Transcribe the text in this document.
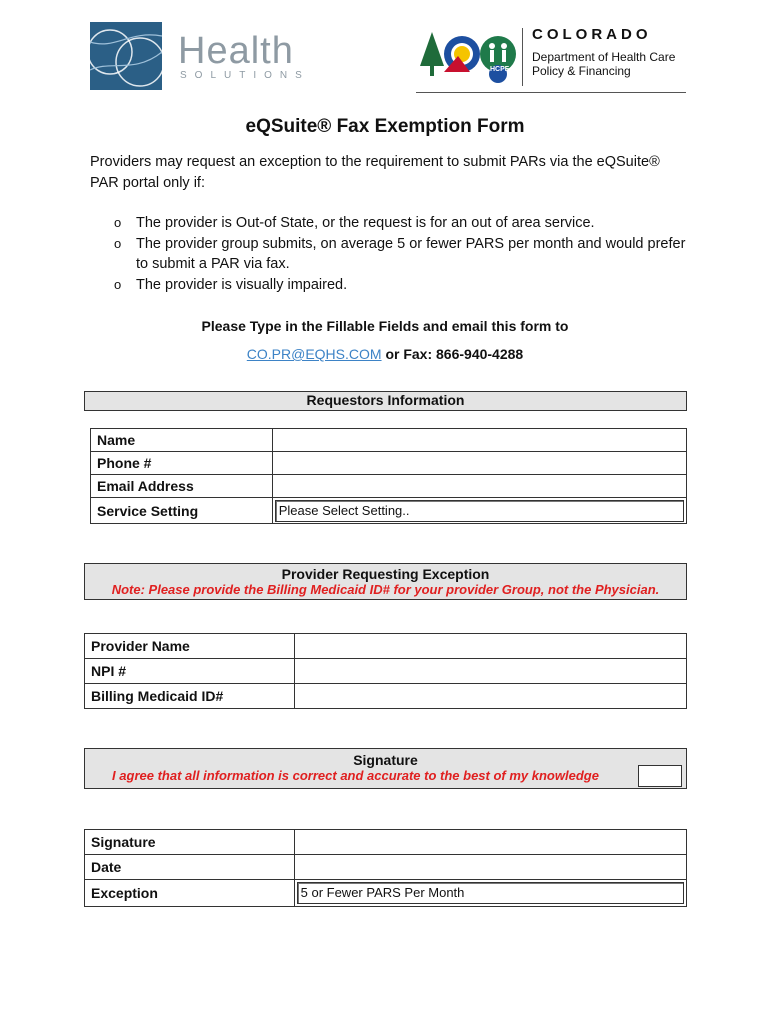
Health
SOLUTIONS
HCPF
COLORADO
Department of Health Care
Policy & Financing
eQSuite® Fax Exemption Form
Providers may request an exception to the requirement to submit PARs via the eQSuite® PAR portal only if:
o	The provider is Out-of State, or the request is for an out of area service.
o	The provider group submits, on average 5 or fewer PARS per month and would prefer to submit a PAR via fax.
o	The provider is visually impaired.
Please Type in the Fillable Fields and email this form to
CO.PR@EQHS.COM or Fax: 866-940-4288
Requestors Information
Name	
Phone #	
Email Address	
Service Setting	Please Select Setting..
Provider Requesting Exception
Note: Please provide the Billing Medicaid ID# for your provider Group, not the Physician.
Provider Name	
NPI #	
Billing Medicaid ID#	
Signature
I agree that all information is correct and accurate to the best of my knowledge
Signature	
Date	
Exception	5 or Fewer PARS Per Month
